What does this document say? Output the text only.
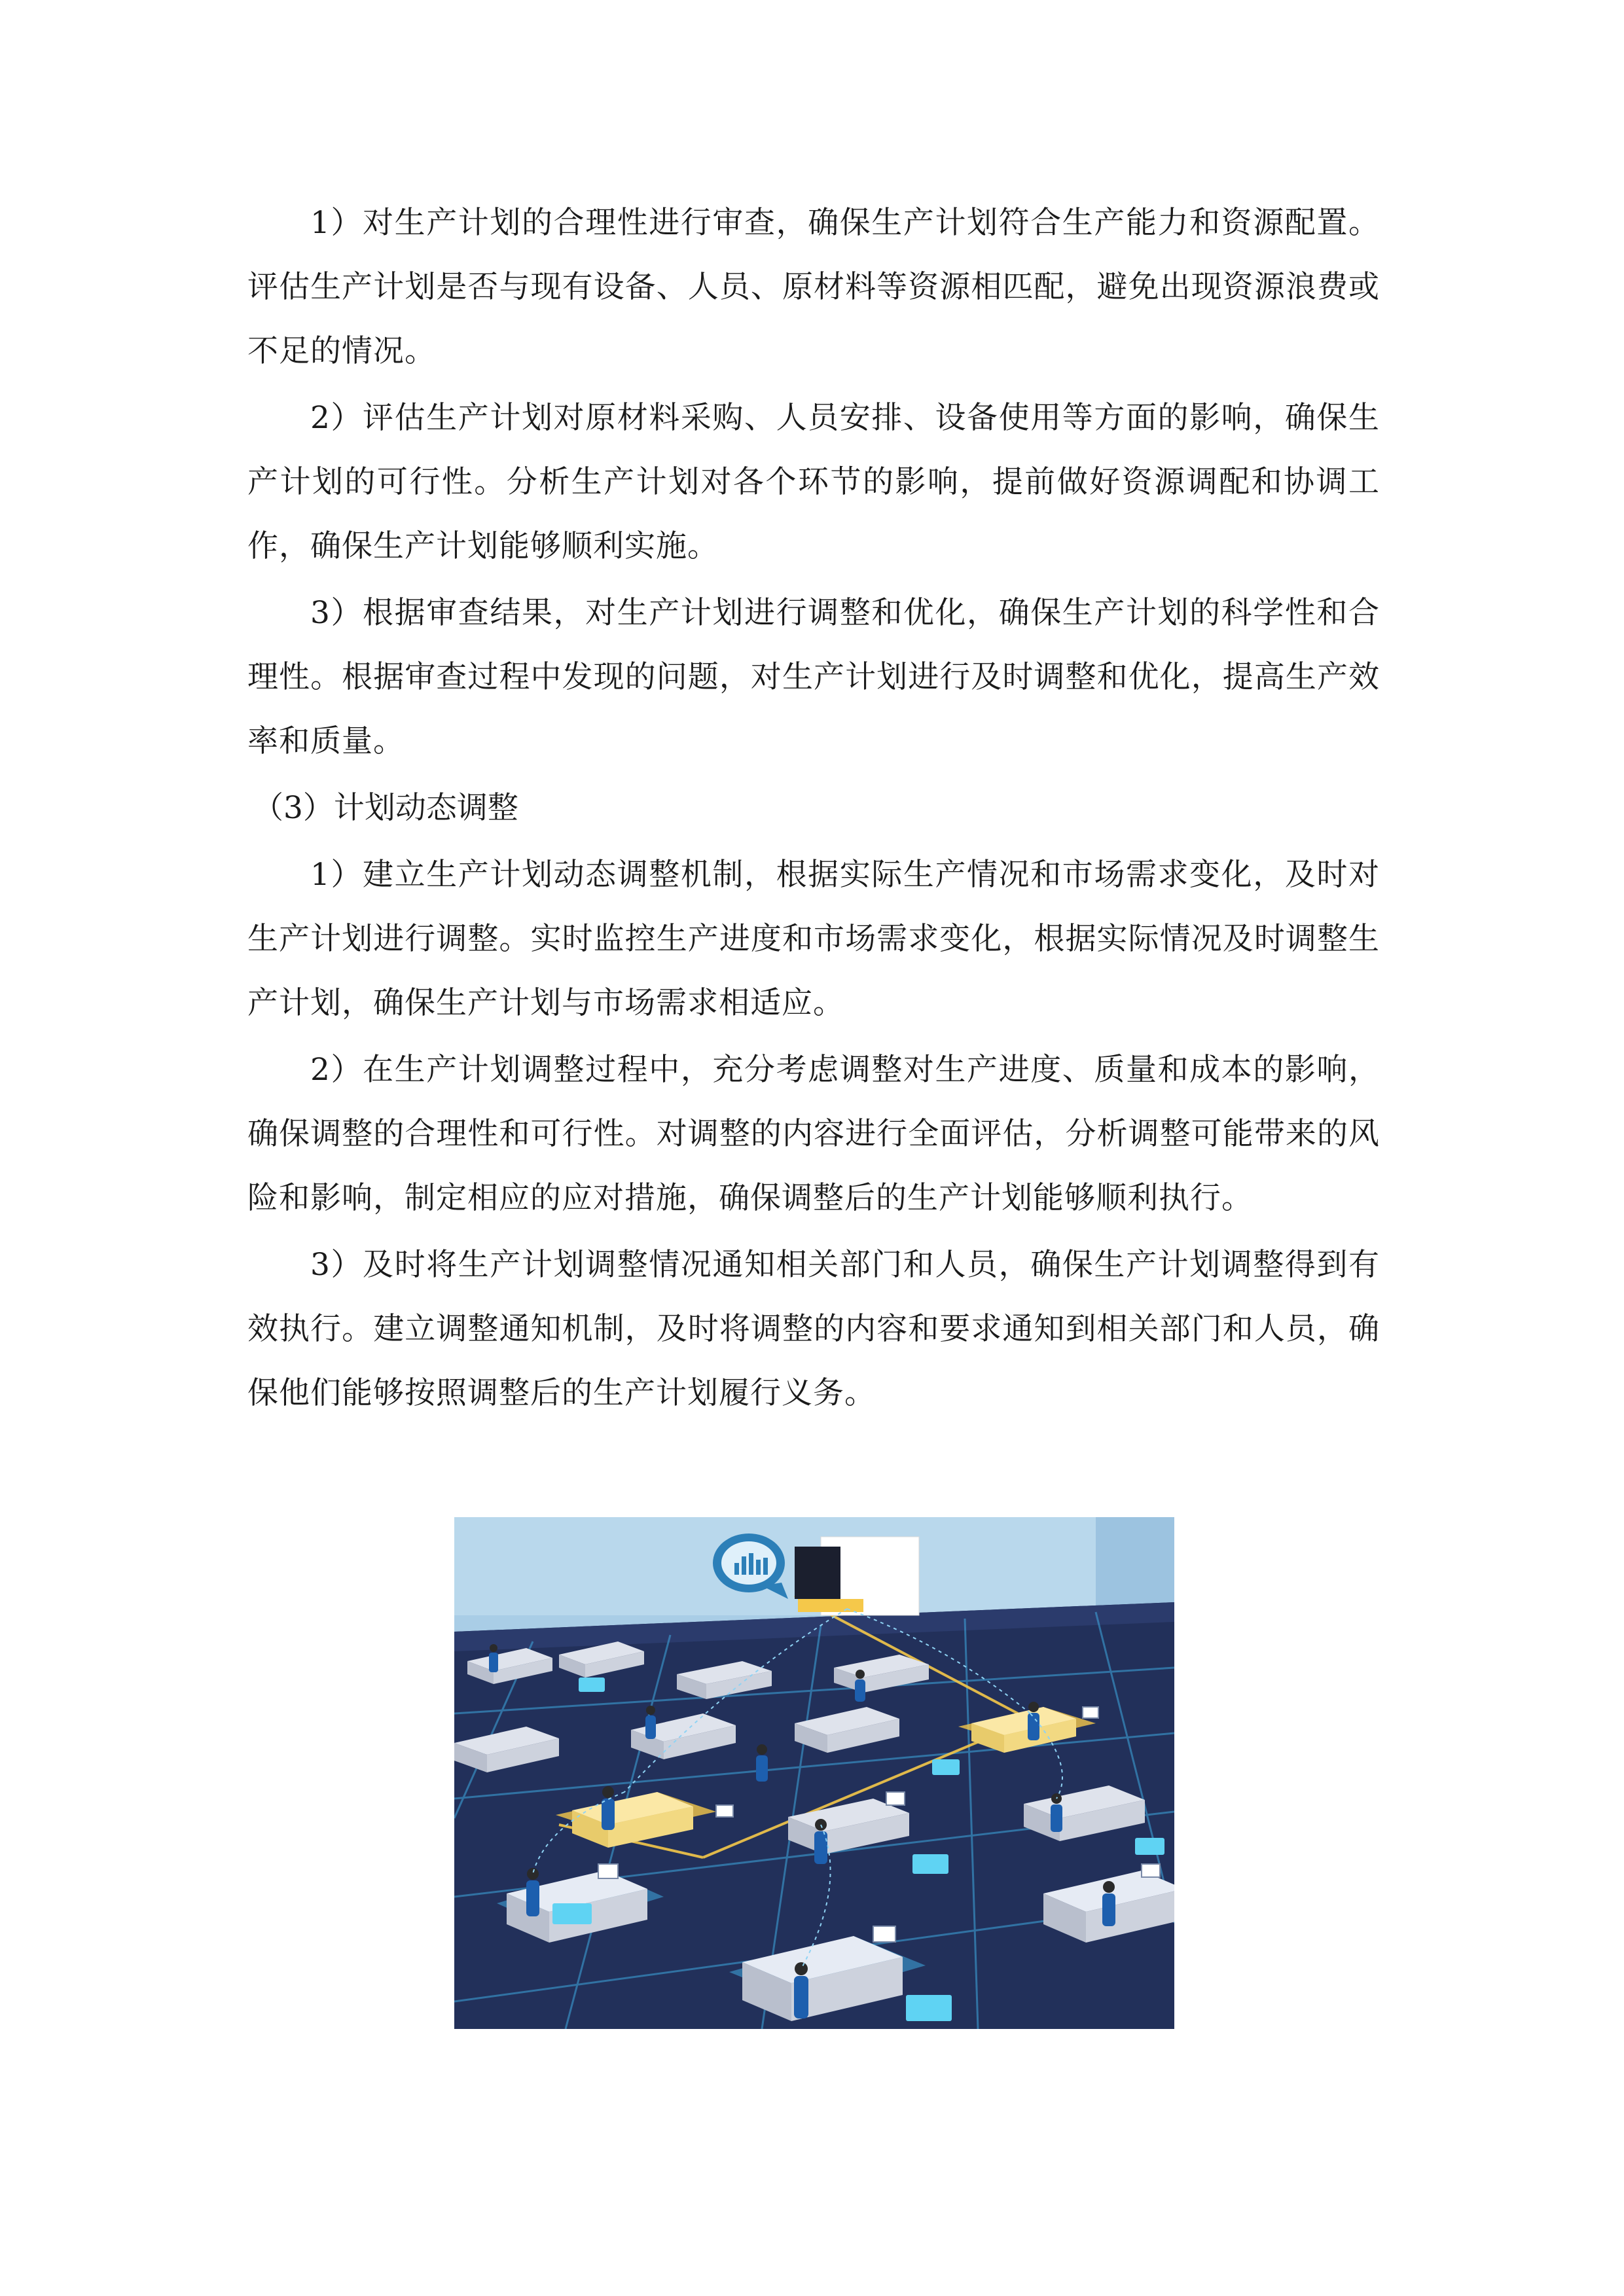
1）对生产计划的合理性进行审查，确保生产计划符合生产能力和资源配置。评估生产计划是否与现有设备、人员、原材料等资源相匹配，避免出现资源浪费或不足的情况。

2）评估生产计划对原材料采购、人员安排、设备使用等方面的影响，确保生产计划的可行性。分析生产计划对各个环节的影响，提前做好资源调配和协调工作，确保生产计划能够顺利实施。

3）根据审查结果，对生产计划进行调整和优化，确保生产计划的科学性和合理性。根据审查过程中发现的问题，对生产计划进行及时调整和优化，提高生产效率和质量。

（3）计划动态调整

1）建立生产计划动态调整机制，根据实际生产情况和市场需求变化，及时对生产计划进行调整。实时监控生产进度和市场需求变化，根据实际情况及时调整生产计划，确保生产计划与市场需求相适应。

2）在生产计划调整过程中，充分考虑调整对生产进度、质量和成本的影响，确保调整的合理性和可行性。对调整的内容进行全面评估，分析调整可能带来的风险和影响，制定相应的应对措施，确保调整后的生产计划能够顺利执行。

3）及时将生产计划调整情况通知相关部门和人员，确保生产计划调整得到有效执行。建立调整通知机制，及时将调整的内容和要求通知到相关部门和人员，确保他们能够按照调整后的生产计划履行义务。
